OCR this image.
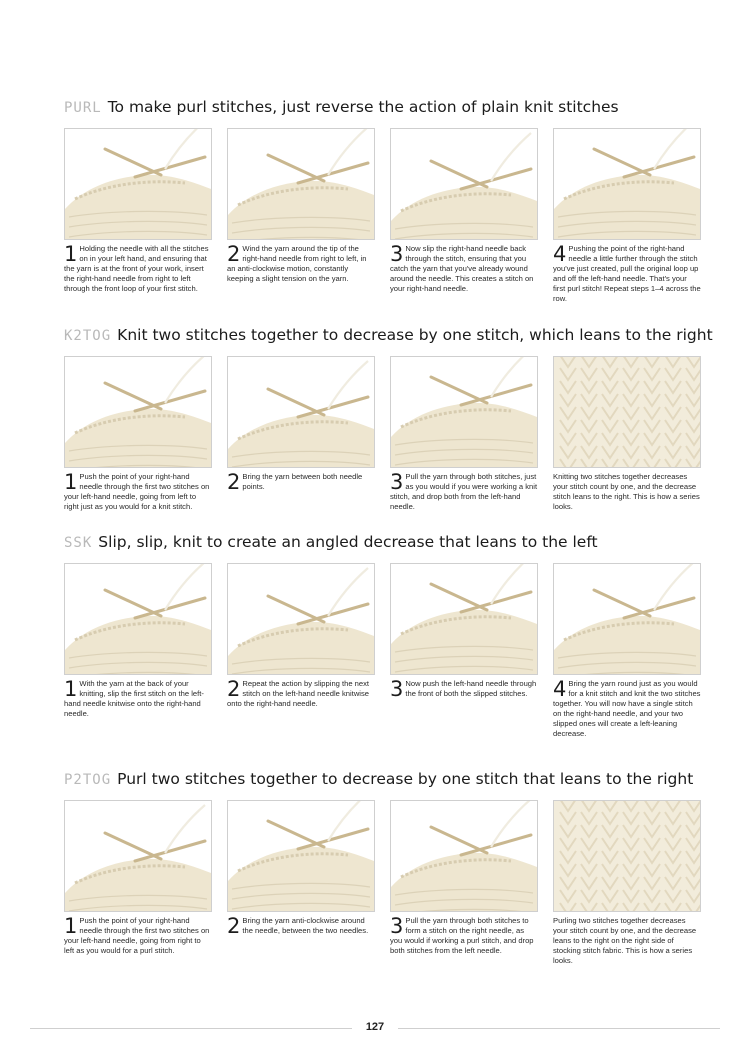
PURL To make purl stitches, just reverse the action of plain knit stitches
1 Holding the needle with all the stitches on in your left hand, and ensuring that the yarn is at the front of your work, insert the right-hand needle from right to left through the front loop of your first stitch.
2 Wind the yarn around the tip of the right-hand needle from right to left, in an anti-clockwise motion, constantly keeping a slight tension on the yarn.
3 Now slip the right-hand needle back through the stitch, ensuring that you catch the yarn that you've already wound around the needle. This creates a stitch on your right-hand needle.
4 Pushing the point of the right-hand needle a little further through the stitch you've just created, pull the original loop up and off the left-hand needle. That's your first purl stitch! Repeat steps 1–4 across the row.
K2TOG Knit two stitches together to decrease by one stitch, which leans to the right
1 Push the point of your right-hand needle through the first two stitches on your left-hand needle, going from left to right just as you would for a knit stitch.
2 Bring the yarn between both needle points.	3 Pull the yarn through both stitches, just as you would if you were working a knit stitch, and drop both from the left-hand needle.
Knitting two stitches together decreases your stitch count by one, and the decrease stitch leans to the right. This is how a series looks.
SSK Slip, slip, knit to create an angled decrease that leans to the left
1 With the yarn at the back of your knitting, slip the first stitch on the left-hand needle knitwise onto the right-hand needle.
2 Repeat the action by slipping the next stitch on the left-hand needle knitwise onto the right-hand needle.
3 Now push the left-hand needle through the front of both the slipped stitches.	4 Bring the yarn round just as you would for a knit stitch and knit the two stitches together. You will now have a single stitch on the right-hand needle, and your two slipped ones will create a left-leaning decrease.
P2TOG Purl two stitches together to decrease by one stitch that leans to the right
1 Push the point of your right-hand needle through the first two stitches on your left-hand needle, going from right to left as you would for a purl stitch.
2 Bring the yarn anti-clockwise around the needle, between the two needles.	3 Pull the yarn through both stitches to form a stitch on the right needle, as you would if working a purl stitch, and drop both stitches from the left needle.
Purling two stitches together decreases your stitch count by one, and the decrease leans to the right on the right side of stocking stitch fabric. This is how a series looks.
127
